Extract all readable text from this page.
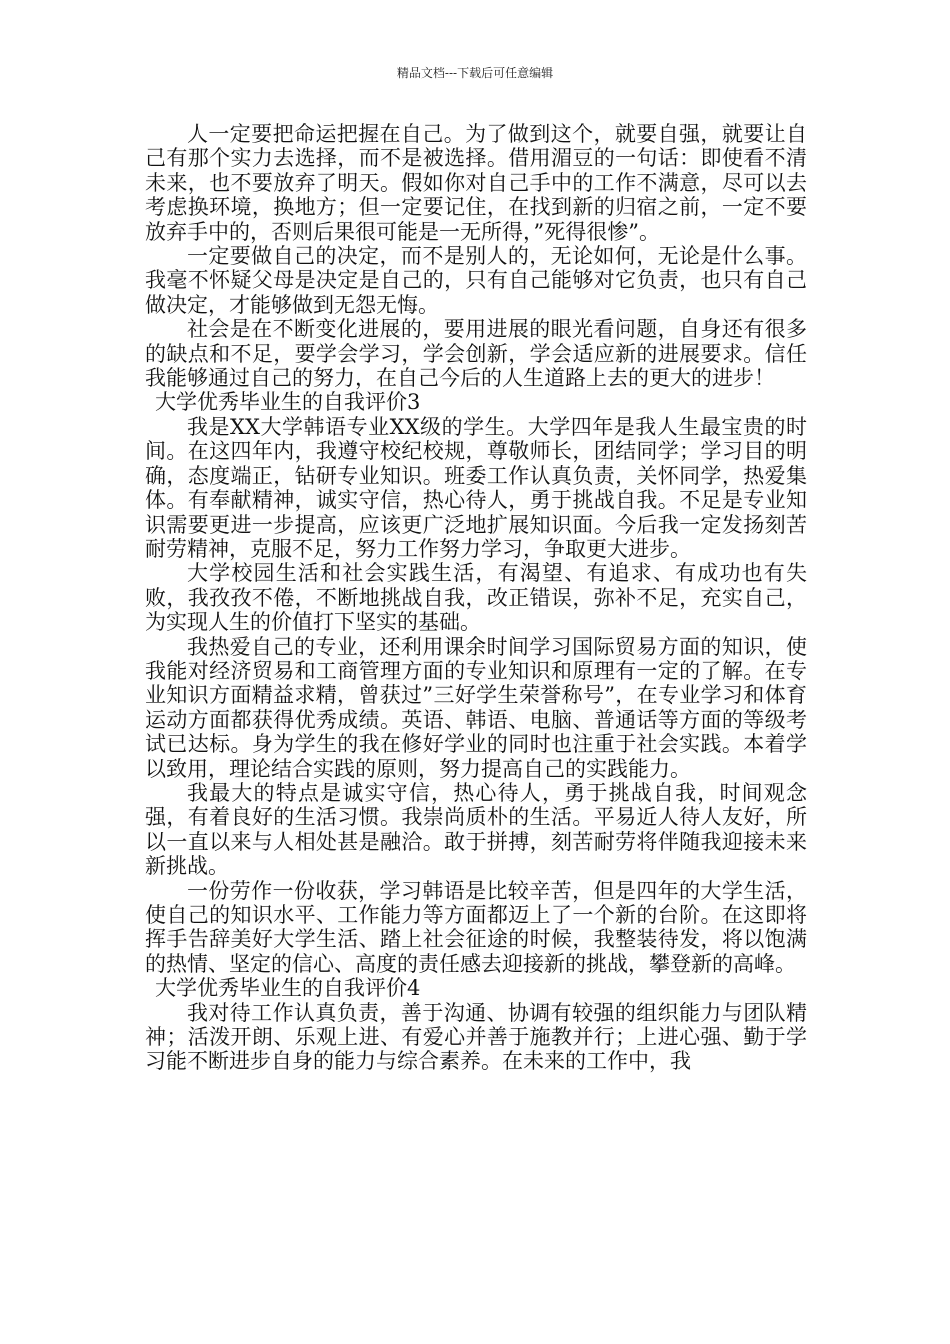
精品文档---下载后可任意编辑

人一定要把命运把握在自己。为了做到这个，就要自强，就要让自己有那个实力去选择，而不是被选择。借用湄豆的一句话：即使看不清未来，也不要放弃了明天。假如你对自己手中的工作不满意，尽可以去考虑换环境，换地方；但一定要记住，在找到新的归宿之前，一定不要放弃手中的，否则后果很可能是一无所得，”死得很惨”。

一定要做自己的决定，而不是别人的，无论如何，无论是什么事。我毫不怀疑父母是决定是自己的，只有自己能够对它负责，也只有自己做决定，才能够做到无怨无悔。

社会是在不断变化进展的，要用进展的眼光看问题，自身还有很多的缺点和不足，要学会学习，学会创新，学会适应新的进展要求。信任我能够通过自己的努力，在自己今后的人生道路上去的更大的进步！

大学优秀毕业生的自我评价3

我是XX大学韩语专业XX级的学生。大学四年是我人生最宝贵的时间。在这四年内，我遵守校纪校规，尊敬师长，团结同学；学习目的明确，态度端正，钻研专业知识。班委工作认真负责，关怀同学，热爱集体。有奉献精神，诚实守信，热心待人，勇于挑战自我。不足是专业知识需要更进一步提高，应该更广泛地扩展知识面。今后我一定发扬刻苦耐劳精神，克服不足，努力工作努力学习，争取更大进步。

大学校园生活和社会实践生活，有渴望、有追求、有成功也有失败，我孜孜不倦，不断地挑战自我，改正错误，弥补不足，充实自己，为实现人生的价值打下坚实的基础。

我热爱自己的专业，还利用课余时间学习国际贸易方面的知识，使我能对经济贸易和工商管理方面的专业知识和原理有一定的了解。在专业知识方面精益求精，曾获过”三好学生荣誉称号”，在专业学习和体育运动方面都获得优秀成绩。英语、韩语、电脑、普通话等方面的等级考试已达标。身为学生的我在修好学业的同时也注重于社会实践。本着学以致用，理论结合实践的原则，努力提高自己的实践能力。

我最大的特点是诚实守信，热心待人，勇于挑战自我，时间观念强，有着良好的生活习惯。我崇尚质朴的生活。平易近人待人友好，所以一直以来与人相处甚是融洽。敢于拼搏，刻苦耐劳将伴随我迎接未来新挑战。

一份劳作一份收获，学习韩语是比较辛苦，但是四年的大学生活，使自己的知识水平、工作能力等方面都迈上了一个新的台阶。在这即将挥手告辞美好大学生活、踏上社会征途的时候，我整装待发，将以饱满的热情、坚定的信心、高度的责任感去迎接新的挑战，攀登新的高峰。

大学优秀毕业生的自我评价4

我对待工作认真负责，善于沟通、协调有较强的组织能力与团队精神；活泼开朗、乐观上进、有爱心并善于施教并行；上进心强、勤于学习能不断进步自身的能力与综合素养。在未来的工作中，我
